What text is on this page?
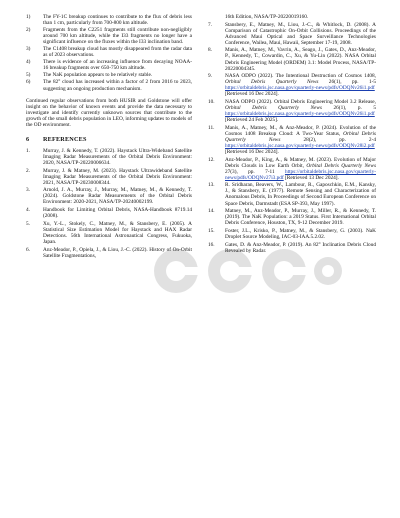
1) The FY-1C breakup continues to contribute to the flux of debris less than 1 cm, particularly from 700-800 km altitude.
2) Fragments from the C2251 fragments still contribute non-negligibly around 700 km altitude, while the I33 fragments no longer have a significant influence on the fluxes within the I33 inclination band.
3) The C1408 breakup cloud has mostly disappeared from the radar data as of 2023 observations.
4) There is evidence of an increasing influence from decaying NOAA-16 breakup fragments over 650-750 km altitude.
5) The NaK population appears to be relatively stable.
6) The 82° cloud has increased within a factor of 2 from 2016 to 2023, suggesting an ongoing production mechanism.

Continued regular observations from both HUSIR and Goldstone will offer insight on the behavior of known events and provide the data necessary to investigate and identify currently unknown sources that contribute to the growth of the small debris population in LEO, informing updates to models of the OD environment.

6 REFERENCES
1. Murray, J. & Kennedy, T. (2022). Haystack Ultra-Wideband Satellite Imaging Radar Measurements of the Orbital Debris Environment: 2020, NASA/TP-20220006634.
2. Murray, J. & Matney, M. (2023). Haystack Ultrawideband Satellite Imaging Radar Measurements of the Orbital Debris Environment: 2021, NASA/TP-20230008344.
3. Arnold, J. A., Murray, J., Murray, M., Matney, M., & Kennedy, T. (2024). Goldstone Radar Measurements of the Orbital Debris Environment: 2020-2021, NASA/TP-20240002199.
4. Handbook for Limiting Orbital Debris, NASA-Handbook 8719.14 (2008).
5. Xu, Y.-L., Stokely, C., Matney, M., & Stansbery, E. (2005). A Statistical Size Estimation Model for Haystack and HAX Radar Detections. 56th International Astronautical Congress, Fukuoka, Japan.
6. Anz-Meador, P., Opiela, J., & Liou, J.-C. (2022). History of On-Orbit Satellite Fragmentations,
16th Edition, NASA/TP-20220019160.
7. Stansbery, E., Matney, M., Liou, J.-C., & Whitlock, D. (2008). A Comparison of Catastrophic On-Orbit Collisions. Proceedings of the Advanced Maui Optical and Space Surveillance Technologies Conference, Wailea, Maui, Hawaii, September 17-19, 2008.
8. Manis, A., Matney, M., Vavrin, A., Seago, J., Gates, D., Anz-Meador, P., Kennedy, T., Cowardin, C., Xu, & Yu-Lin (2022). NASA Orbital Debris Engineering Model (ORDEM) 3.1: Model Process, NASA/TP-20220004345.
9. NASA ODPO (2022). The Intentional Destruction of Cosmos 1408, Orbital Debris Quarterly News 26(1), pp. 1-5 https://orbitaldebris.jsc.nasa.gov/quarterly-news/pdfs/ODQNv26i1.pdf [Retrieved 16 Dec 2024].
10. NASA ODPO (2022). Orbital Debris Engineering Model 3.2 Release, Orbital Debris Quarterly News 26(1), p. 5 https://orbitaldebris.jsc.nasa.gov/quarterly-news/pdfs/ODQNv26i1.pdf [Retrieved 24 Feb 2025].
11. Manis, A., Matney, M., & Anz-Meador, P. (2024). Evolution of the Cosmos 1408 Breakup Cloud: A Two-Year Status, Orbital Debris Quarterly News 28(2), pp. 2-4 https://orbitaldebris.jsc.nasa.gov/quarterly-news/pdfs/ODQNv28i2.pdf [Retrieved 16 Dec 2024].
12. Anz-Meador, P., King, A., & Matney, M. (2023). Evolution of Major Debris Clouds in Low Earth Orbit, Orbital Debris Quarterly News 27(3), pp. 7-11 https://orbitaldebris.jsc.nasa.gov/quarterly-news/pdfs/ODQNv27i3.pdf [Retrieved 13 Dec 2024].
13. R. Sridharan, Beavers, W., Lambour, R., Gaposchkin, E.M., Kansky, J., & Stansbery, E. (1977). Remote Sensing and Characterization of Anomalous Debris, In Proceedings of Second European Conference on Space Debris, Darmstadt (ESA SP-393, May 1997).
14. Matney, M., Anz-Meador, P., Murray, J., Miller, R., & Kennedy, T. (2019). The NaK Population: a 2019 Status. First International Orbital Debris Conference, Houston, TX, 9-12 December 2019.
15. Foster, J.L., Krisko, P., Matney, M., & Stansbery, G. (2003). NaK Droplet Source Modeling, IAC-03-IAA.5.2.02.
16. Gates, D. & Anz-Meador, P. (2019). An 82° Inclination Debris Cloud Revealed by Radar.
